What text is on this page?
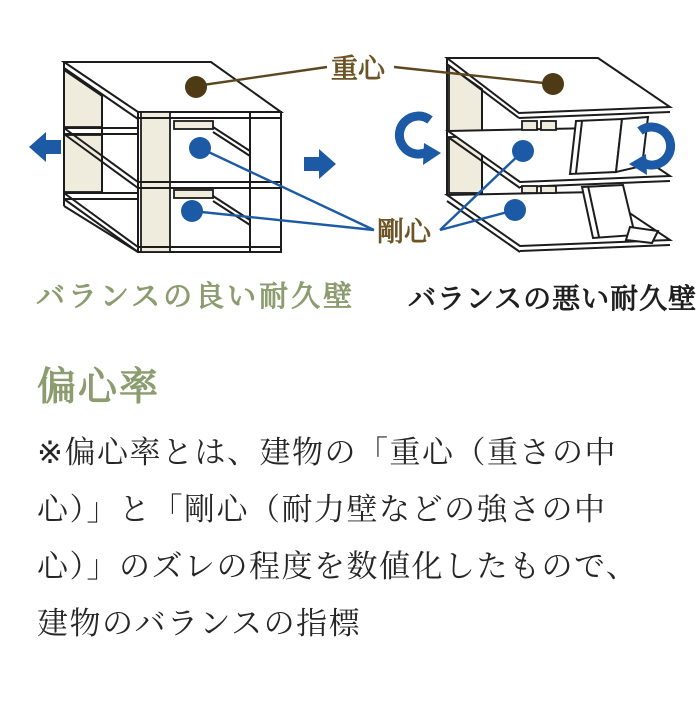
重心
剛心
バランスの良い耐久壁 バランスの悪い耐久壁
偏心率
※偏心率とは、建物の「重心（重さの中
心）」と「剛心（耐力壁などの強さの中
心）」のズレの程度を数値化したもので、
建物のバランスの指標
